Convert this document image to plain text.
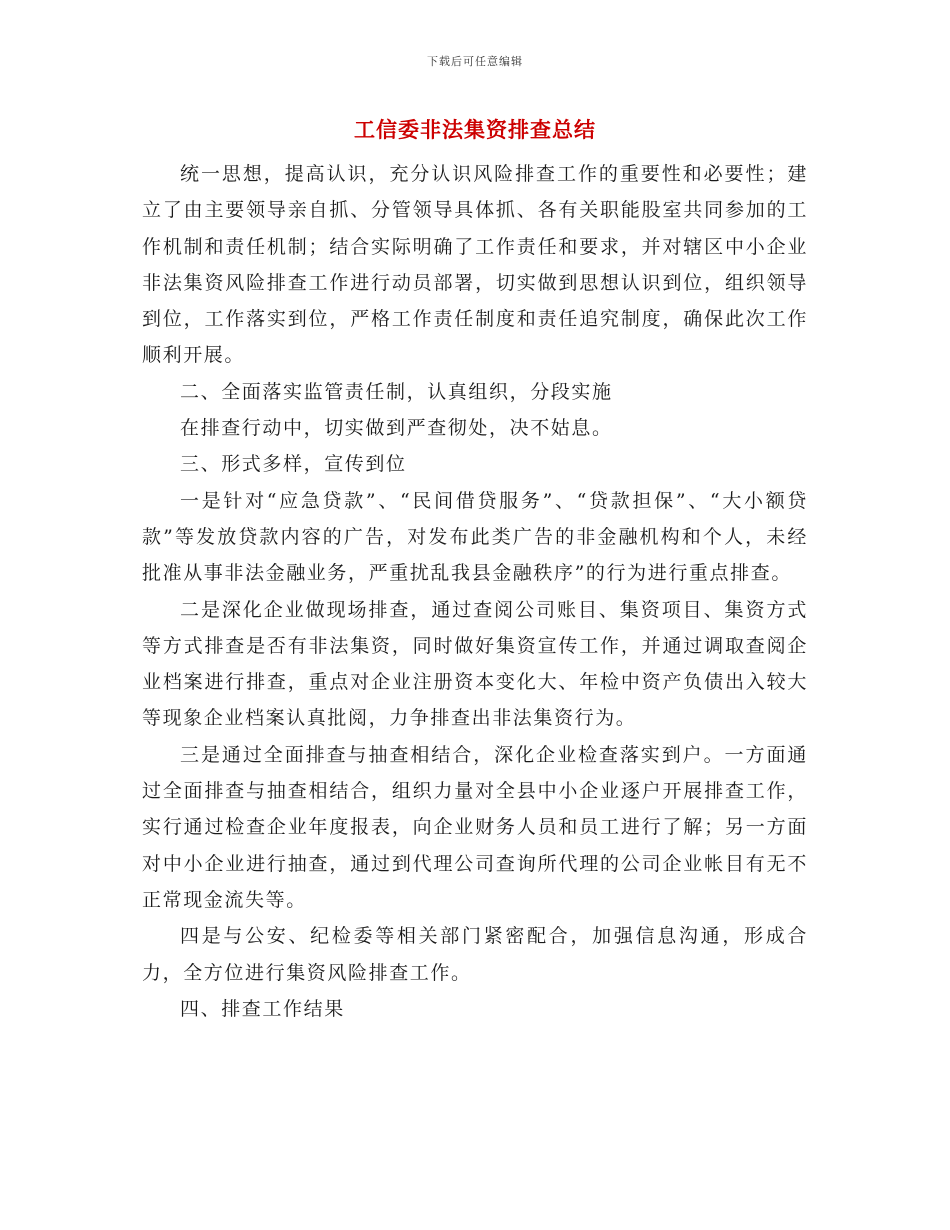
下载后可任意编辑
工信委非法集资排查总结

统一思想，提高认识，充分认识风险排查工作的重要性和必要性；建立了由主要领导亲自抓、分管领导具体抓、各有关职能股室共同参加的工作机制和责任机制；结合实际明确了工作责任和要求，并对辖区中小企业非法集资风险排查工作进行动员部署，切实做到思想认识到位，组织领导到位，工作落实到位，严格工作责任制度和责任追究制度，确保此次工作顺利开展。

二、全面落实监管责任制，认真组织，分段实施

在排查行动中，切实做到严查彻处，决不姑息。

三、形式多样，宣传到位

一是针对“应急贷款”、“民间借贷服务”、“贷款担保”、“大小额贷款”等发放贷款内容的广告，对发布此类广告的非金融机构和个人，未经批准从事非法金融业务，严重扰乱我县金融秩序”的行为进行重点排查。

二是深化企业做现场排查，通过查阅公司账目、集资项目、集资方式等方式排查是否有非法集资，同时做好集资宣传工作，并通过调取查阅企业档案进行排查，重点对企业注册资本变化大、年检中资产负债出入较大等现象企业档案认真批阅，力争排查出非法集资行为。

三是通过全面排查与抽查相结合，深化企业检查落实到户。一方面通过全面排查与抽查相结合，组织力量对全县中小企业逐户开展排查工作，实行通过检查企业年度报表，向企业财务人员和员工进行了解；另一方面对中小企业进行抽查，通过到代理公司查询所代理的公司企业帐目有无不正常现金流失等。

四是与公安、纪检委等相关部门紧密配合，加强信息沟通，形成合力，全方位进行集资风险排查工作。

四、排查工作结果
